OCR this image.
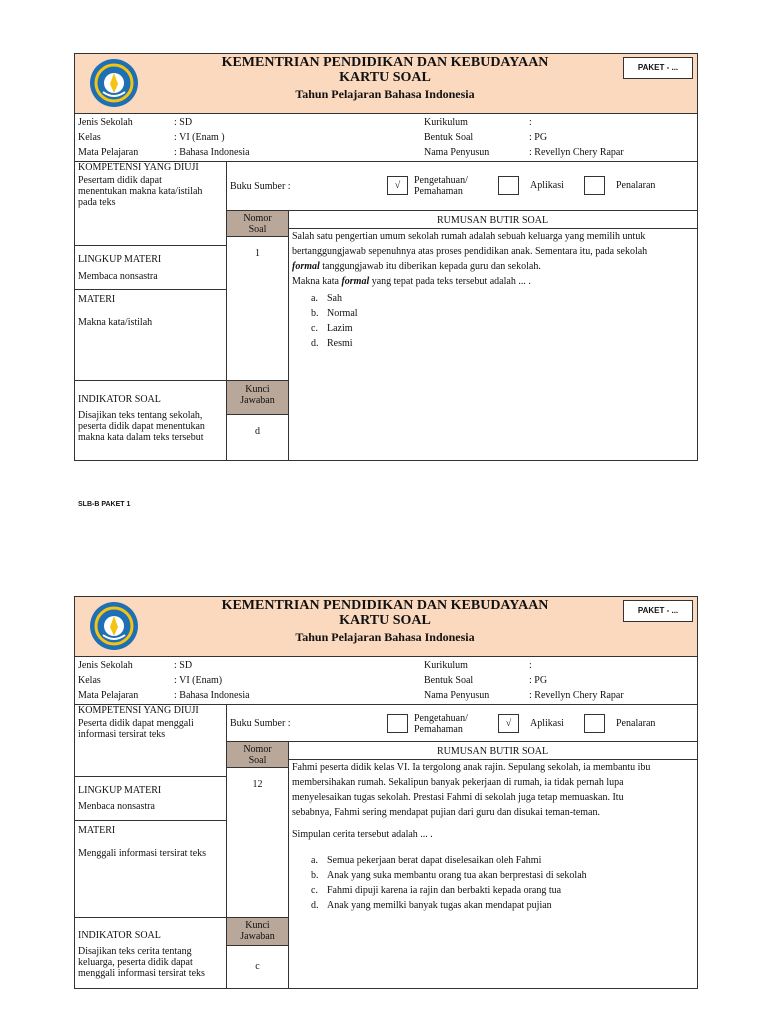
KEMENTRIAN PENDIDIKAN DAN KEBUDAYAAN
KARTU SOAL
Tahun Pelajaran Bahasa Indonesia
PAKET - ...
Jenis Sekolah	: SD
Kelas	: VI (Enam )
Mata Pelajaran	: Bahasa Indonesia
Kurikulum	:
Bentuk Soal	: PG
Nama Penyusun	: Revellyn Chery Rapar
KOMPETENSI YANG DIUJI
Pesertam didik dapat
menentukan makna kata/istilah
pada teks
Buku Sumber :	√	Pengetahuan/
Pemahaman
Aplikasi	Penalaran
Nomor
Soal
1
RUMUSAN BUTIR SOAL
LINGKUP MATERI
Membaca nonsastra
MATERI
Makna kata/istilah
INDIKATOR SOAL
Disajikan teks tentang sekolah,
peserta didik dapat menentukan
makna kata dalam teks tersebut
Kunci
Jawaban
d
Salah satu pengertian umum sekolah rumah adalah sebuah keluarga yang memilih untuk
bertanggungjawab sepenuhnya atas proses pendidikan anak. Sementara itu, pada sekolah
formal tanggungjawab itu diberikan kepada guru dan sekolah.
Makna kata formal yang tepat pada teks tersebut adalah ... .
a. Sah
b. Normal
c. Lazim
d. Resmi
SLB-B PAKET 1
KEMENTRIAN PENDIDIKAN DAN KEBUDAYAAN
KARTU SOAL
Tahun Pelajaran Bahasa Indonesia
PAKET - ...
Jenis Sekolah	: SD
Kelas	: VI (Enam)
Mata Pelajaran	: Bahasa Indonesia
Kurikulum	:
Bentuk Soal	: PG
Nama Penyusun	: Revellyn Chery Rapar
KOMPETENSI YANG DIUJI
Peserta didik dapat menggali
informasi tersirat teks
Buku Sumber :	Pengetahuan/
Pemahaman
√	Aplikasi	Penalaran
Nomor
Soal
12
RUMUSAN BUTIR SOAL
LINGKUP MATERI
Menbaca nonsastra
MATERI
Menggali informasi tersirat teks
INDIKATOR SOAL
Disajikan teks cerita tentang
keluarga, peserta didik dapat
menggali informasi tersirat teks
Kunci
Jawaban
c
Fahmi peserta didik kelas VI. Ia tergolong anak rajin. Sepulang sekolah, ia membantu ibu
membersihakan rumah. Sekalipun banyak pekerjaan di rumah, ia tidak pernah lupa
menyelesaikan tugas sekolah. Prestasi Fahmi di sekolah juga tetap memuaskan. Itu
sebabnya, Fahmi sering mendapat pujian dari guru dan disukai teman-teman.
Simpulan cerita tersebut adalah ... .
a. Semua pekerjaan berat dapat diselesaikan oleh Fahmi
b. Anak yang suka membantu orang tua akan berprestasi di sekolah
c. Fahmi dipuji karena ia rajin dan berbakti kepada orang tua
d. Anak yang memilki banyak tugas akan mendapat pujian
